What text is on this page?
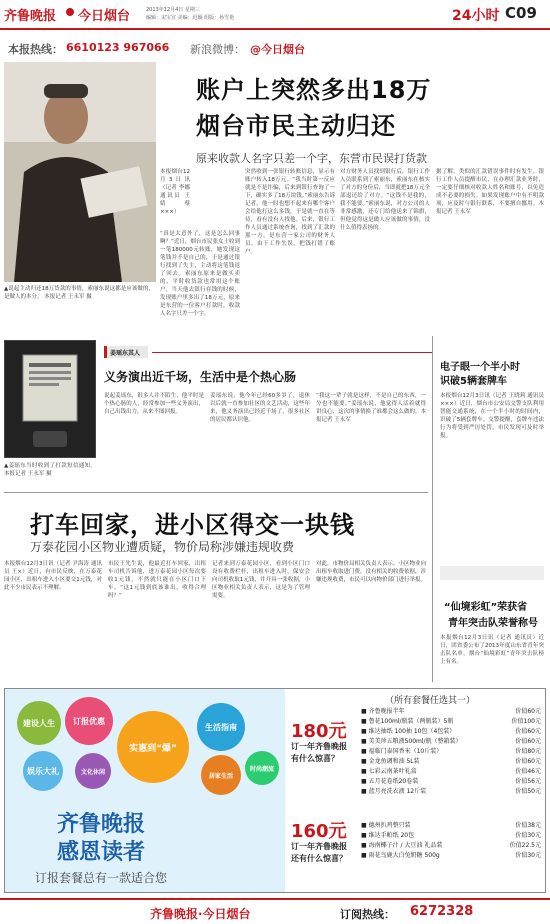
齐鲁晚报 今日烟台	2013年12月4日 星期三
编辑：宋宝宣 美编：迟颖 组版：孙雪艳	24小时 C09
本报热线： 6610123 967066 新浪微博： @今日烟台
▲说起主动归还18万货款的事情，索丽东说这都是应该做的，是做人的本分。 本报记者 王永军 摄
账户上突然多出18万
烟台市民主动归还
原来收款人名字只差一个字，东营市民误打货款
本报烟台12月3日讯（记者 李娜 通讯员 王 婧 蔡 ×××）
“真是太意外了，这是怎么回事啊？”近日，烟台市民张女士收到一笔180000元转账，她发现这笔钱并不是自己的，于是通过银行找到了失主，主动将这笔钱退了回去。索丽东原来是做买卖的，平时收货款也常用这个账户，当天他去银行存钱的时候，发现账户里多出了18万元，原来是东营的一位客户打款时，收款人名字只差一个字。
突然收到一张银行转账信息，显示有账户转入18万元。“我当时第一反应就是不是诈骗，后来到银行查询了一下，确实多了18万块钱。”索丽东告诉记者，他一时也想不起来有哪个客户会给他打这么多钱，于是就一直在等待，看有没有人找他。后来，银行工作人员通过系统查询，找到了汇款的那一方，是东营一家公司的财务人员，由于工作失误，把钱打错了账户。
对方财务人员找到银行后，银行工作人员联系到了索丽东，索丽东在核实了对方的身份后，当即就把18万元全部退还给了对方。“这钱不是我的，我不能要。”索丽东说，对方公司的人非常感激，还专门给他送来了锦旗，但他觉得这是做人应该做的事情，没什么值得表扬的。
据了解，类似的汇款错误事件时有发生。银行工作人员提醒市民，在办理汇款业务时，一定要仔细核对收款人姓名和账号，以免造成不必要的损失。如果发现账户中有不明款项，应及时与银行联系，不要擅自挪用。本报记者 王永军
▲姜瑶东当时收到了打款短信通知。 本报记者 王永军 摄
姜瑶东其人
义务演出近千场，生活中是个热心肠
说起姜瑶东，很多人并不陌生，他平时是个热心肠的人，经常参加一些义务演出，自己出钱出力，从来不图回报。
姜瑶东说，他今年已经60多岁了，退休以后就一直参加社区的文艺活动，这些年来，他义务演出已经近千场了，很多社区的居民都认识他。
“我这一辈子就是这样，不是自己的东西，一分也不能要。”姜瑶东说，他觉得人活着就得讲良心，这次的事情换了谁都会这么做的。本报记者 王永军
电子眼一个半小时
识破5辆套牌车
本报烟台12月3日讯（记者 王晓莉 通讯员 ×××）近日，烟台市公安局交警支队利用智能交通系统，在一个半小时的时间内，识破了5辆套牌车。交警提醒，套牌车违法行为将受到严厉处罚，市民发现可及时举报。
“仙境彩虹”荣获省
青年突击队荣誉称号
本报烟台12月3日讯（记者 通讯员）近日，团省委公布了2013年度山东省青年突击队名单，烟台“仙境彩虹”青年突击队榜上有名。
打车回家，进小区得交一块钱
万泰花园小区物业遭质疑，物价局称涉嫌违规收费
本报烟台12月3日讯（记者 尹海涛 通讯员 王×）近日，有市民反映，在万泰花园小区，出租车进入小区要交1元钱，对此不少市民表示不理解。
市民王先生说，他最近打车回家，出租车司机告诉他，进万泰花园小区每次要收1元钱，不然就只能在小区门口下车。“这1元钱到底该谁出，收得合理吗？”
记者来到万泰花园小区，看到小区门口设有收费栏杆，出租车进入时，保安会向司机收取1元钱，并开具一张收据，小区物业相关负责人表示，这是为了管理需要。
对此，市物价局相关负责人表示，小区物业向出租车收取进门费，没有相关的收费依据，涉嫌违规收费，市民可以向物价部门进行举报。
建设人生	订报优惠
实惠到“爆”
生活指南
娱乐大礼	文化休闲
居家生活
时尚潮流
齐鲁晚报
感恩读者
订报套餐总有一款适合您
（所有套餐任选其一）
180元
订一年齐鲁晚报
有什么惊喜？
160元
订一年齐鲁晚报
还有什么惊喜？
■ 齐鲁晚报半年	价值60元
■ 鲁花100ml/瓶装（两瓶装）5瓶	价值100元
■ 维达抽纸 100抽 10包（4包装）	价值60元
■ 美美珍五粮液500ml/瓶（整箱装）	价值60元
■ 福临门泰国香米（10斤装）	价值80元
■ 金龙鱼调和油 5L装	价值60元
■ 七彩云南茶叶礼盒	价值46元
■ 五月花卷纸20卷装	价值56元
■ 蓝月亮洗衣液 12斤装	价值50元
■ 德州扒鸡整只装	价值38元
■ 维达手帕纸 20包	价值30元
■ 海南椰子汁 / 大豆油 礼品装	价值22.5元
■ 雨花鸟鹿大白兔奶糖 500g	价值30元
齐鲁晚报·今日烟台	订阅热线： 6272328
